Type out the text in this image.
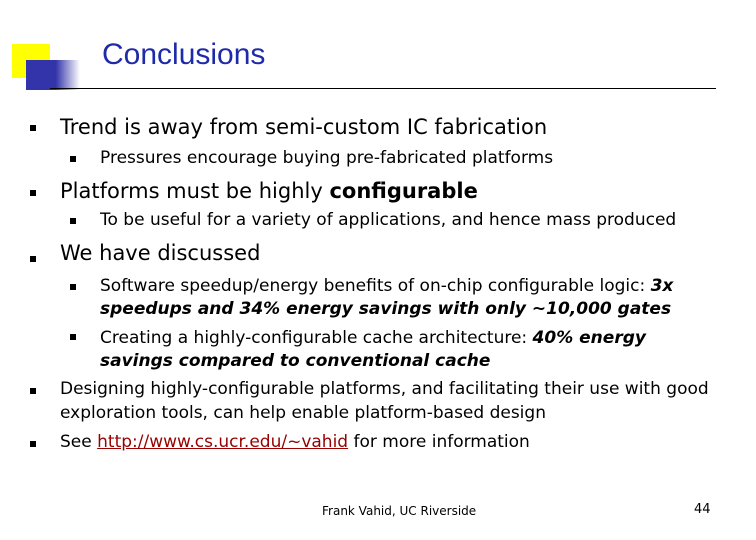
Conclusions
Trend is away from semi-custom IC fabrication
Pressures encourage buying pre-fabricated platforms
Platforms must be highly configurable
To be useful for a variety of applications, and hence mass produced
We have discussed
Software speedup/energy benefits of on-chip configurable logic: 3x
speedups and 34% energy savings with only ~10,000 gates
Creating a highly-configurable cache architecture: 40% energy
savings compared to conventional cache
Designing highly-configurable platforms, and facilitating their use with good
exploration tools, can help enable platform-based design
See http://www.cs.ucr.edu/~vahid for more information
Frank Vahid, UC Riverside	44
